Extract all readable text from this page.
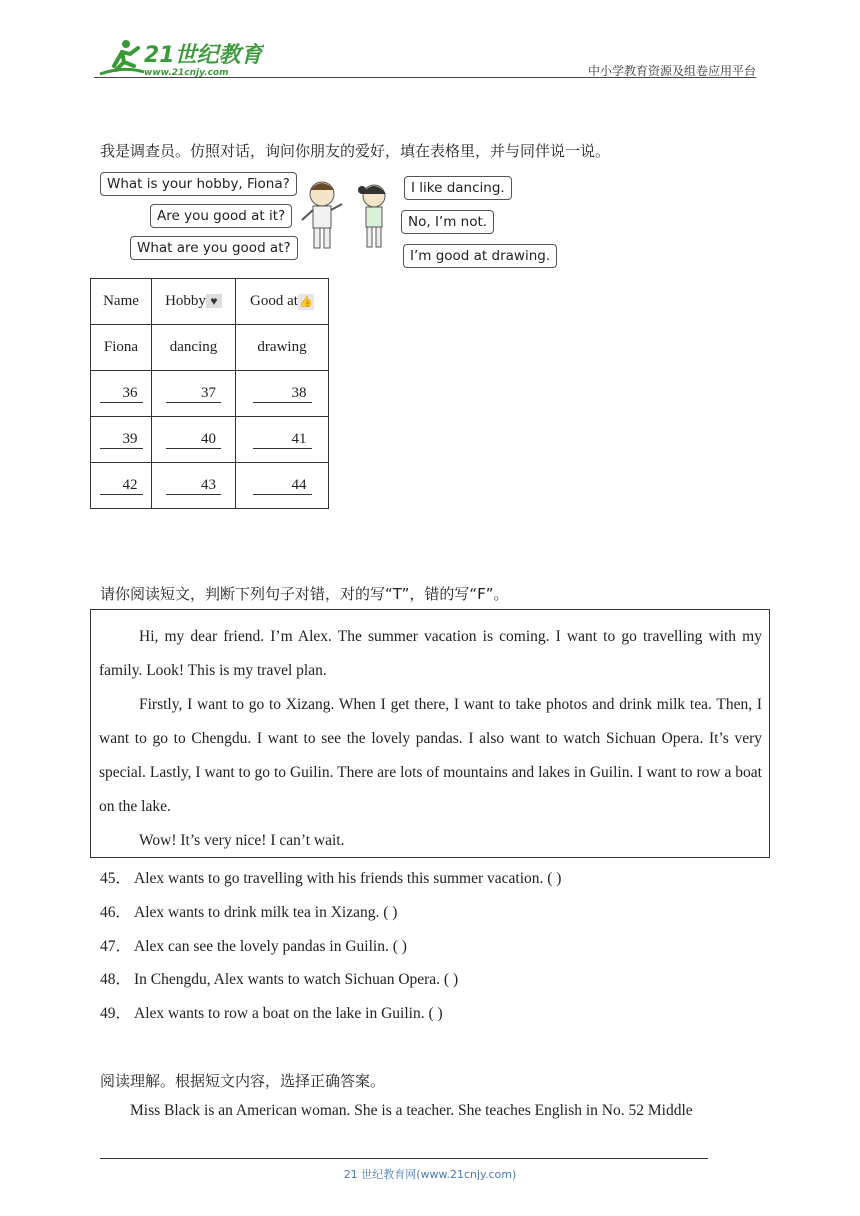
21世纪教育
www.21cnjy.com	中小学教育资源及组卷应用平台
我是调查员。仿照对话，询问你朋友的爱好，填在表格里，并与同伴说一说。
What is your hobby, Fiona?
Are you good at it?
What are you good at?
I like dancing.
No, I’m not.
I’m good at drawing.
Name	Hobby ♥	Good at👍
Fiona	dancing	drawing
36	37	38
39	40	41
42	43	44
请你阅读短文，判断下列句子对错，对的写“T”，错的写“F”。

Hi, my dear friend. I’m Alex. The summer vacation is coming. I want to go travelling with my family. Look! This is my travel plan.

Firstly, I want to go to Xizang. When I get there, I want to take photos and drink milk tea. Then, I want to go to Chengdu. I want to see the lovely pandas. I also want to watch Sichuan Opera. It’s very special. Lastly, I want to go to Guilin. There are lots of mountains and lakes in Guilin. I want to row a boat on the lake.

Wow! It’s very nice! I can’t wait.

45． Alex wants to go travelling with his friends this summer vacation. ( )
46． Alex wants to drink milk tea in Xizang. ( )
47． Alex can see the lovely pandas in Guilin. ( )
48． In Chengdu, Alex wants to watch Sichuan Opera. ( )
49． Alex wants to row a boat on the lake in Guilin. ( )
阅读理解。根据短文内容，选择正确答案。
Miss Black is an American woman. She is a teacher. She teaches English in No. 52 Middle
21 世纪教育网(www.21cnjy.com)
